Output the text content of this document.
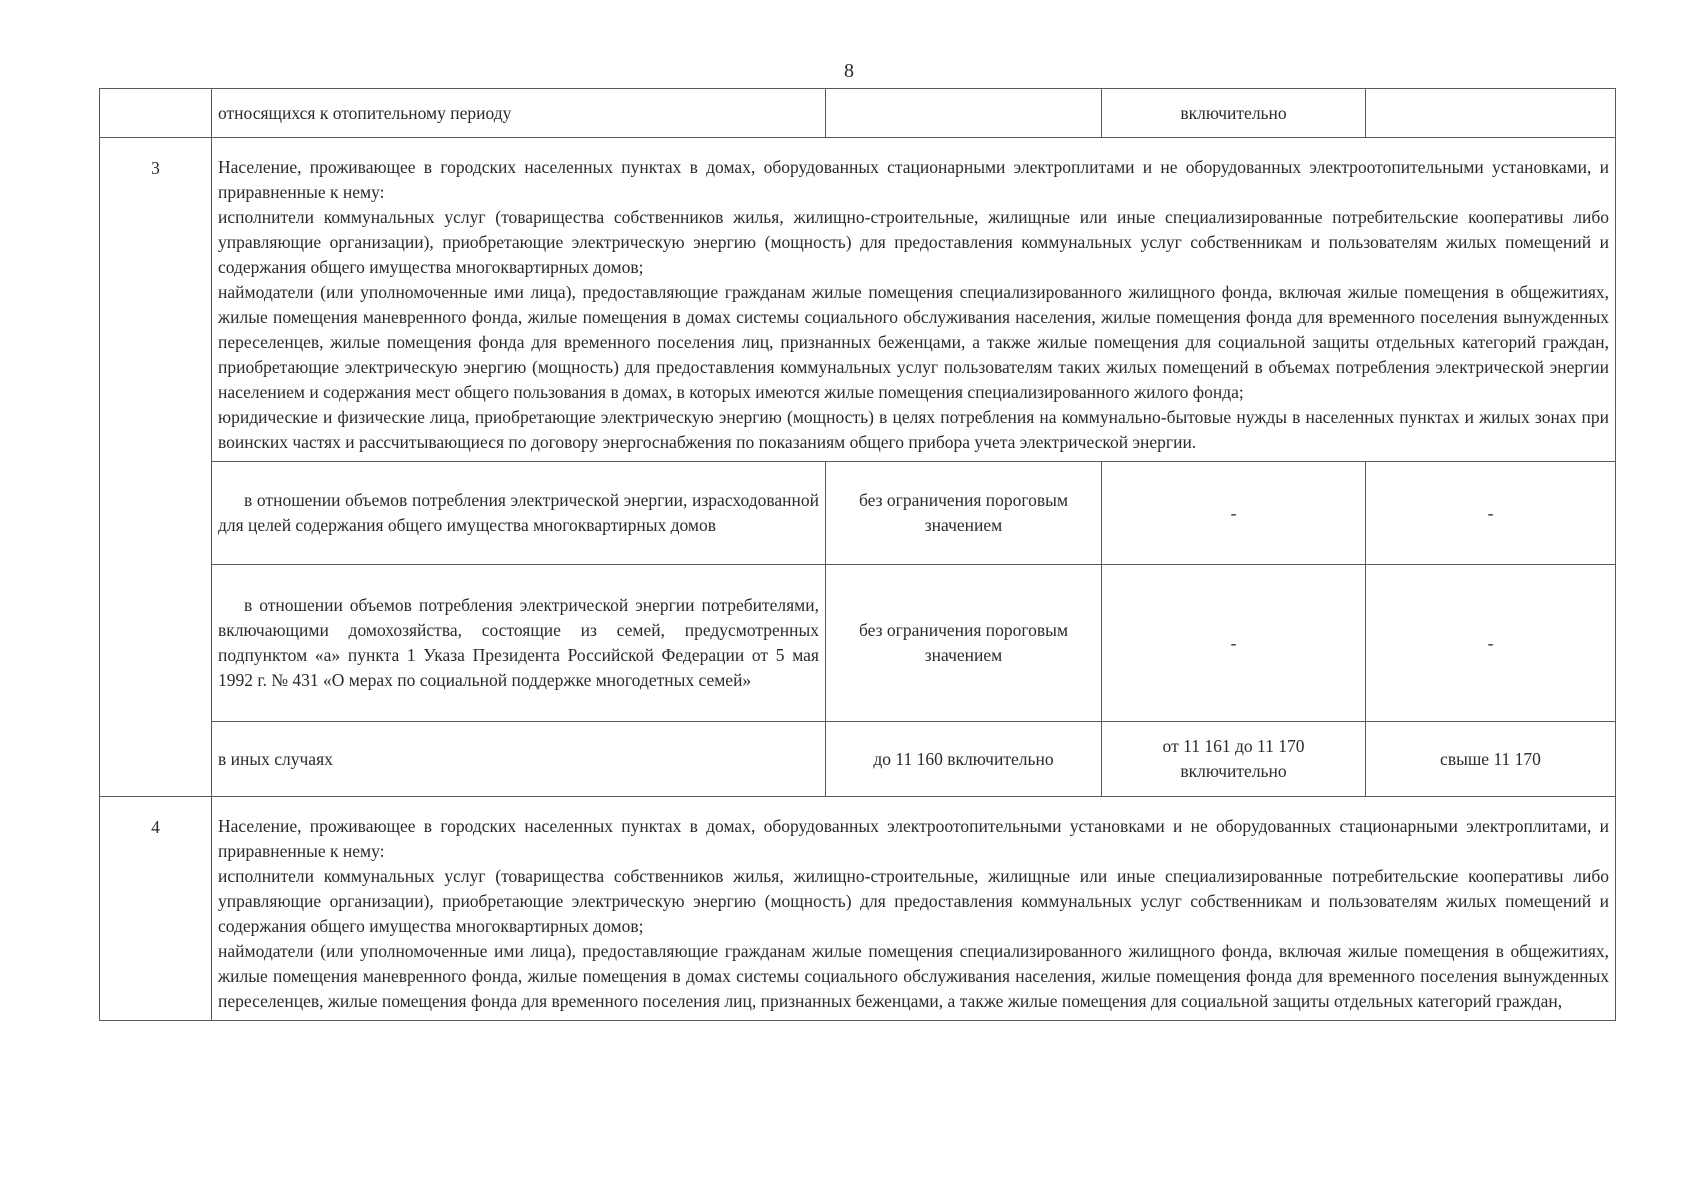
8
	относящихся к отопительному периоду		включительно	
3	Население, проживающее в городских населенных пунктах в домах, оборудованных стационарными электроплитами и не оборудованных электроотопительными установками, и приравненные к нему:
исполнители коммунальных услуг (товарищества собственников жилья, жилищно-строительные, жилищные или иные специализированные потребительские кооперативы либо управляющие организации), приобретающие электрическую энергию (мощность) для предоставления коммунальных услуг собственникам и пользователям жилых помещений и содержания общего имущества многоквартирных домов;
наймодатели (или уполномоченные ими лица), предоставляющие гражданам жилые помещения специализированного жилищного фонда, включая жилые помещения в общежитиях, жилые помещения маневренного фонда, жилые помещения в домах системы социального обслуживания населения, жилые помещения фонда для временного поселения вынужденных переселенцев, жилые помещения фонда для временного поселения лиц, признанных беженцами, а также жилые помещения для социальной защиты отдельных категорий граждан, приобретающие электрическую энергию (мощность) для предоставления коммунальных услуг пользователям таких жилых помещений в объемах потребления электрической энергии населением и содержания мест общего пользования в домах, в которых имеются жилые помещения специализированного жилого фонда;
юридические и физические лица, приобретающие электрическую энергию (мощность) в целях потребления на коммунально-бытовые нужды в населенных пунктах и жилых зонах при воинских частях и рассчитывающиеся по договору энергоснабжения по показаниям общего прибора учета электрической энергии.			

	в отношении объемов потребления электрической энергии, израсходованной для целей содержания общего имущества многоквартирных домов	без ограничения пороговым значением	-	-
	в отношении объемов потребления электрической энергии потребителями, включающими домохозяйства, состоящие из семей, предусмотренных подпунктом «а» пункта 1 Указа Президента Российской Федерации от 5 мая 1992 г. № 431 «О мерах по социальной поддержке многодетных семей»	без ограничения пороговым значением	-	-
	в иных случаях	до 11 160 включительно	от 11 161 до 11 170 включительно	свыше 11 170
4	Население, проживающее в городских населенных пунктах в домах, оборудованных электроотопительными установками и не оборудованных стационарными электроплитами, и приравненные к нему:
исполнители коммунальных услуг (товарищества собственников жилья, жилищно-строительные, жилищные или иные специализированные потребительские кооперативы либо управляющие организации), приобретающие электрическую энергию (мощность) для предоставления коммунальных услуг собственникам и пользователям жилых помещений и содержания общего имущества многоквартирных домов;
наймодатели (или уполномоченные ими лица), предоставляющие гражданам жилые помещения специализированного жилищного фонда, включая жилые помещения в общежитиях, жилые помещения маневренного фонда, жилые помещения в домах системы социального обслуживания населения, жилые помещения фонда для временного поселения вынужденных переселенцев, жилые помещения фонда для временного поселения лиц, признанных беженцами, а также жилые помещения для социальной защиты отдельных категорий граждан,			
